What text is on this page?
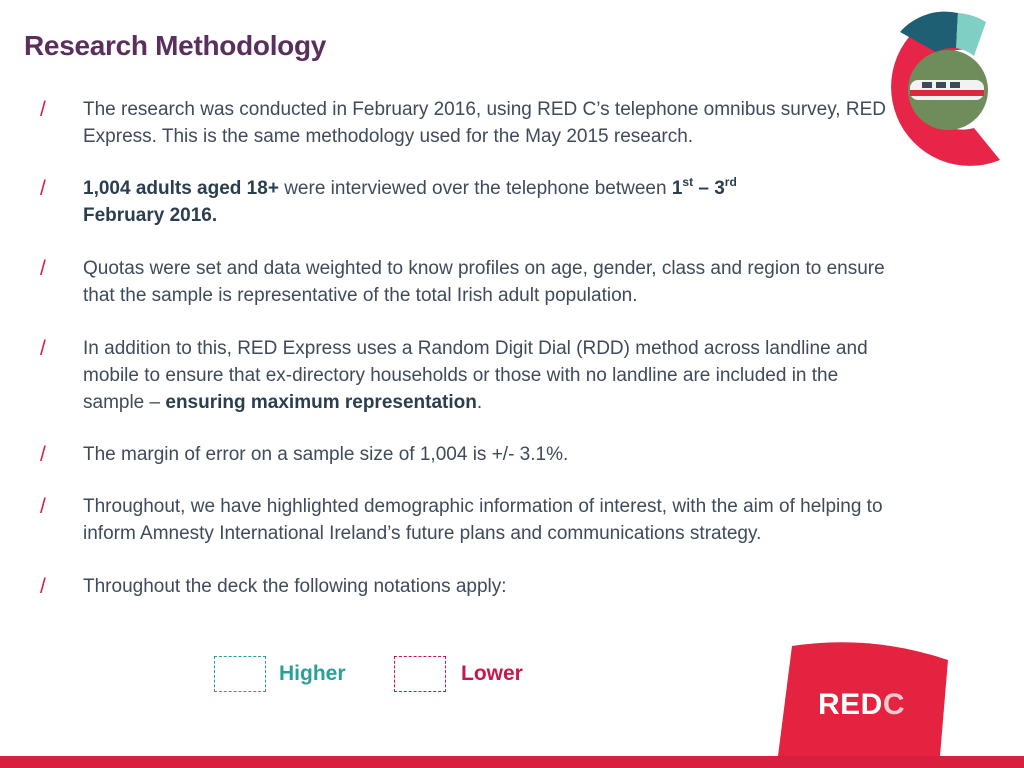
Research Methodology
/ The research was conducted in February 2016, using RED C’s telephone omnibus survey, RED Express. This is the same methodology used for the May 2015 research.
/ 1,004 adults aged 18+ were interviewed over the telephone between 1st – 3rd
February 2016.
/ Quotas were set and data weighted to know profiles on age, gender, class and region to ensure that the sample is representative of the total Irish adult population.
/ In addition to this, RED Express uses a Random Digit Dial (RDD) method across landline and mobile to ensure that ex-directory households or those with no landline are included in the sample – ensuring maximum representation.
/ The margin of error on a sample size of 1,004 is +/- 3.1%.
/ Throughout, we have highlighted demographic information of interest, with the aim of helping to inform Amnesty International Ireland’s future plans and communications strategy.
/ Throughout the deck the following notations apply:
Higher	Lower
REDC
